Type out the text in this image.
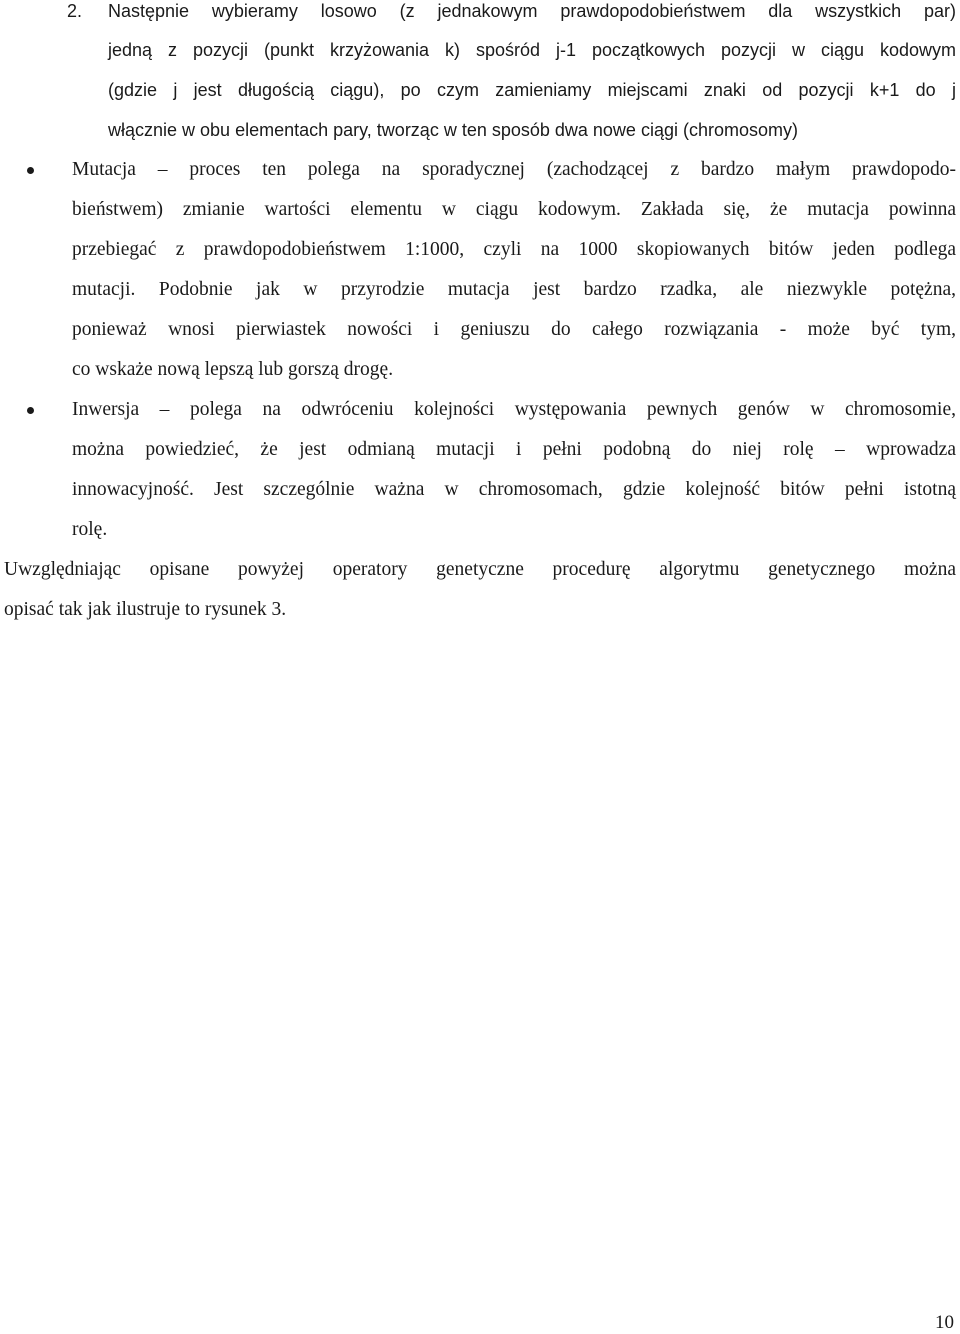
2. Następnie wybieramy losowo (z jednakowym prawdopodobieństwem dla wszystkich par)
jedną z pozycji (punkt krzyżowania k) spośród j-1 początkowych pozycji w ciągu kodowym
(gdzie j jest długością ciągu), po czym zamieniamy miejscami znaki od pozycji k+1 do j
włącznie w obu elementach pary, tworząc w ten sposób dwa nowe ciągi (chromosomy)
Mutacja – proces ten polega na sporadycznej (zachodzącej z bardzo małym prawdopodo-
bieństwem) zmianie wartości elementu w ciągu kodowym. Zakłada się, że mutacja powinna
przebiegać z prawdopodobieństwem 1:1000, czyli na 1000 skopiowanych bitów jeden podlega
mutacji. Podobnie jak w przyrodzie mutacja jest bardzo rzadka, ale niezwykle potężna,
ponieważ wnosi pierwiastek nowości i geniuszu do całego rozwiązania - może być tym,
co wskaże nową lepszą lub gorszą drogę.
Inwersja – polega na odwróceniu kolejności występowania pewnych genów w chromosomie,
można powiedzieć, że jest odmianą mutacji i pełni podobną do niej rolę – wprowadza
innowacyjność. Jest szczególnie ważna w chromosomach, gdzie kolejność bitów pełni istotną
rolę.
Uwzględniając opisane powyżej operatory genetyczne procedurę algorytmu genetycznego można
opisać tak jak ilustruje to rysunek 3.
10
